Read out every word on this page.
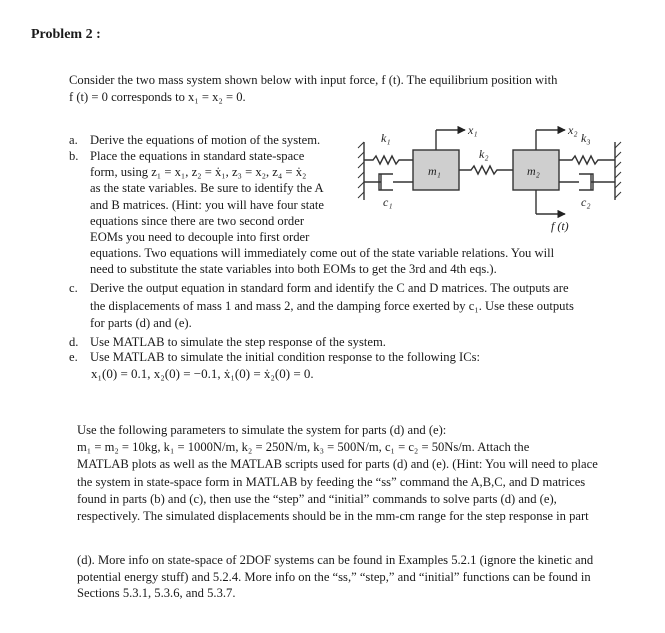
Problem 2 :
Consider the two mass system shown below with input force, f (t). The equilibrium position with
f (t) = 0 corresponds to x₁ = x₂ = 0.
a. Derive the equations of motion of the system.
b. Place the equations in standard state-space
form, using z₁ = x₁, z₂ = ẋ₁, z₃ = x₂, z₄ = ẋ₂
as the state variables. Be sure to identify the A
and B matrices. (Hint: you will have four state
equations since there are two second order
EOMs you need to decouple into first order
equations. Two equations will immediately come out of the state variable relations. You will
need to substitute the state variables into both EOMs to get the 3rd and 4th eqs.).
c. Derive the output equation in standard form and identify the C and D matrices. The outputs are
the displacements of mass 1 and mass 2, and the damping force exerted by c₁. Use these outputs
for parts (d) and (e).
d. Use MATLAB to simulate the step response of the system.
e. Use MATLAB to simulate the initial condition response to the following ICs:
x₁(0) = 0.1, x₂(0) = −0.1, ẋ₁(0) = ẋ₂(0) = 0.
Use the following parameters to simulate the system for parts (d) and (e):
m₁ = m₂ = 10kg, k₁ = 1000N/m, k₂ = 250N/m, k₃ = 500N/m, c₁ = c₂ = 50Ns/m. Attach the
MATLAB plots as well as the MATLAB scripts used for parts (d) and (e). (Hint: You will need to place
the system in state-space form in MATLAB by feeding the “ss” command the A,B,C, and D matrices
found in parts (b) and (c), then use the “step” and “initial” commands to solve parts (d) and (e),
respectively. The simulated displacements should be in the mm-cm range for the step response in part
(d). More info on state-space of 2DOF systems can be found in Examples 5.2.1 (ignore the kinetic and
potential energy stuff) and 5.2.4. More info on the “ss,” “step,” and “initial” functions can be found in
Sections 5.3.1, 5.3.6, and 5.3.7.
k₁
c₁
m₁
k₂
m₂
k₃
c₂
x₁	x₂
f (t)
